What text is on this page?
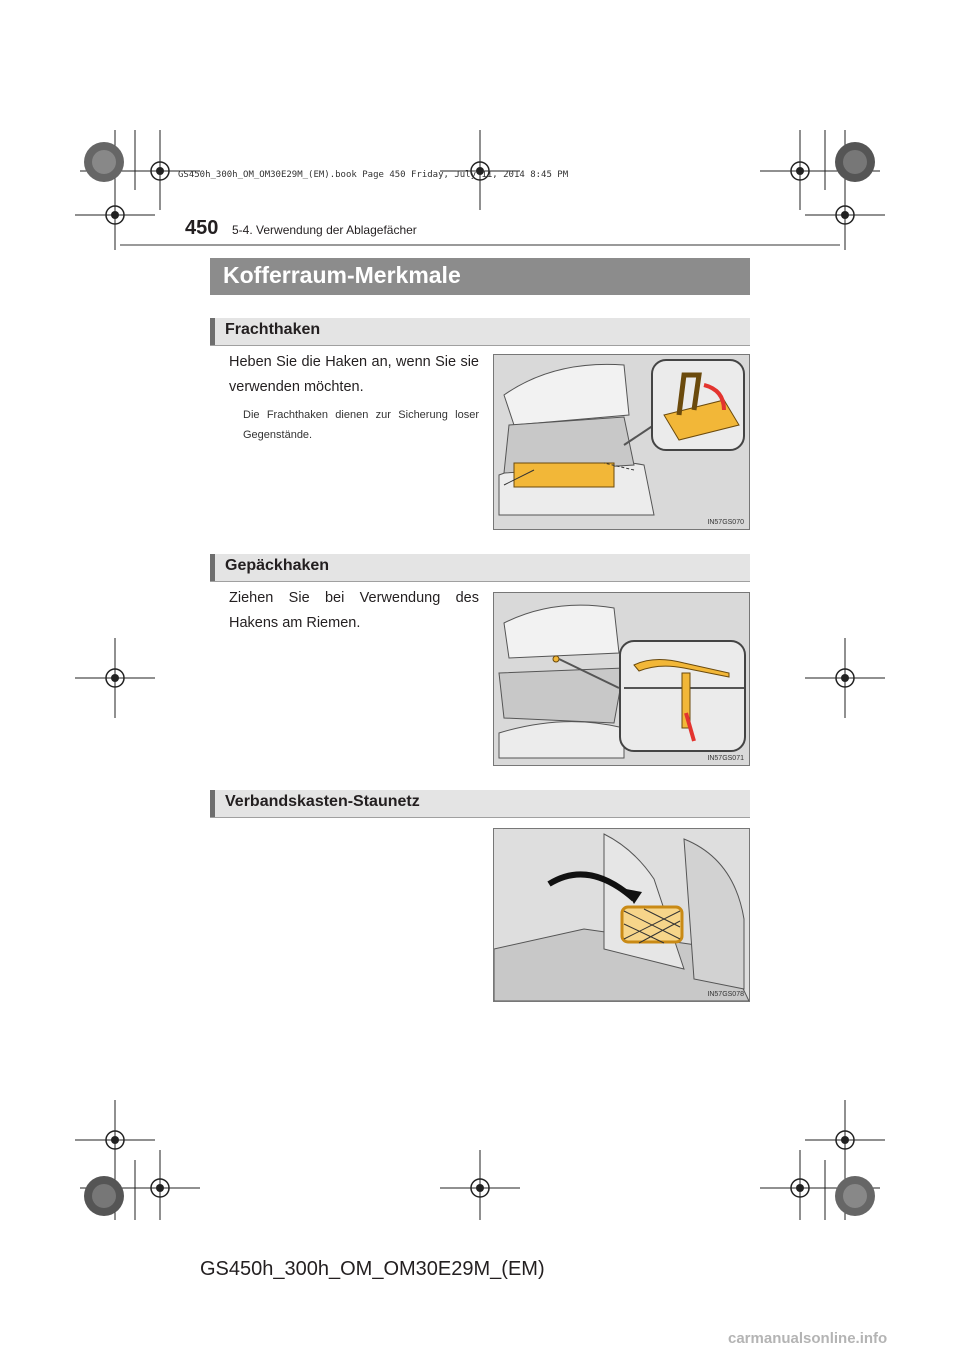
GS450h_300h_OM_OM30E29M_(EM).book Page 450 Friday, July 11, 2014 8:45 PM
450 5-4. Verwendung der Ablagefächer
Kofferraum-Merkmale
Frachthaken
Heben Sie die Haken an, wenn Sie sie verwenden möchten.
Die Frachthaken dienen zur Sicherung loser Gegenstände.
IN57GS070
Gepäckhaken
Ziehen Sie bei Verwendung des Hakens am Riemen.
IN57GS071
Verbandskasten-Staunetz
IN57GS078
GS450h_300h_OM_OM30E29M_(EM)
carmanualsonline.info
